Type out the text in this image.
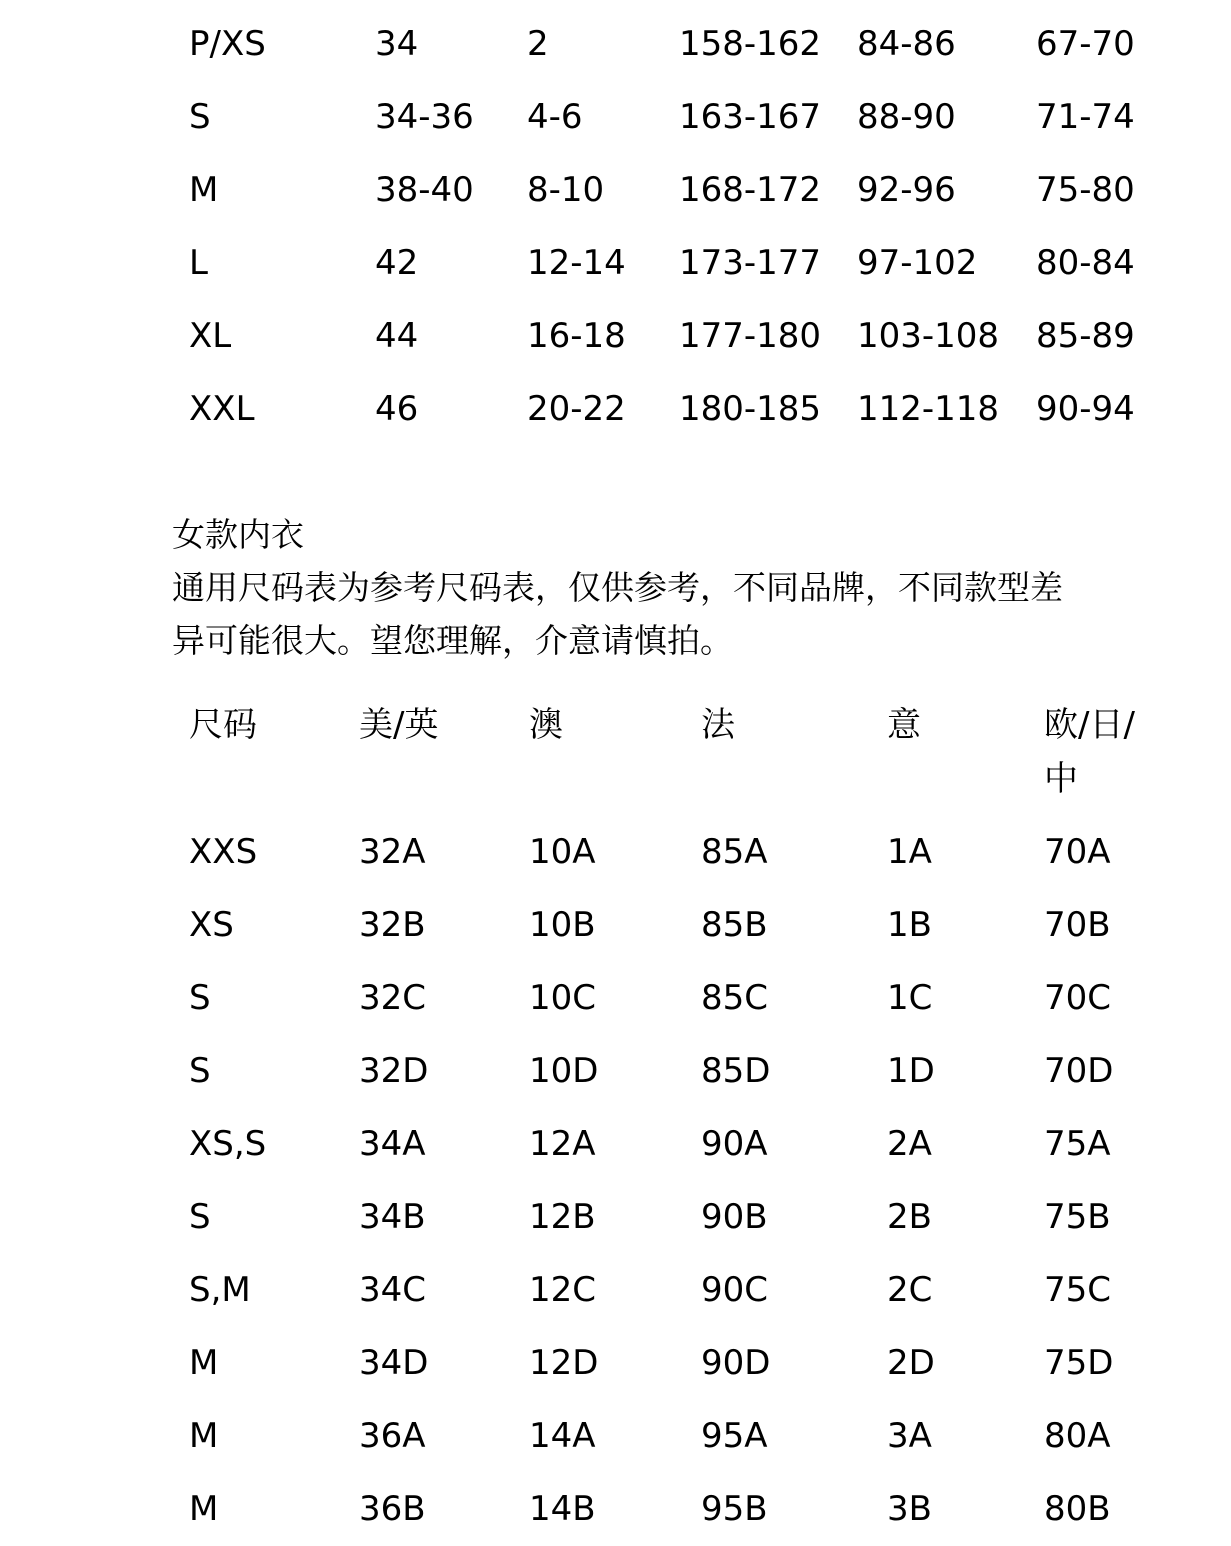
P/XS	34	2	158-162 84-86 67-70
S	34-36 4-6	163-167 88-90 71-74
M	38-40 8-10 168-172 92-96 75-80
L	42	12-14 173-177 97-102 80-84
XL	44	16-18 177-180 103-108 85-89
XXL	46	20-22 180-185 112-118 90-94
女款内衣
通用尺码表为参考尺码表，仅供参考，不同品牌，不同款型差
异可能很大。望您理解，介意请慎拍。
尺码	美/英	澳	法	意	欧/日/中
XXS	32A	10A	85A	1A	70A
XS	32B	10B	85B	1B	70B
S	32C	10C	85C	1C	70C
S	32D	10D	85D	1D	70D
XS,S	34A	12A	90A	2A	75A
S	34B	12B	90B	2B	75B
S,M	34C	12C	90C	2C	75C
M	34D	12D	90D	2D	75D
M	36A	14A	95A	3A	80A
M	36B	14B	95B	3B	80B
